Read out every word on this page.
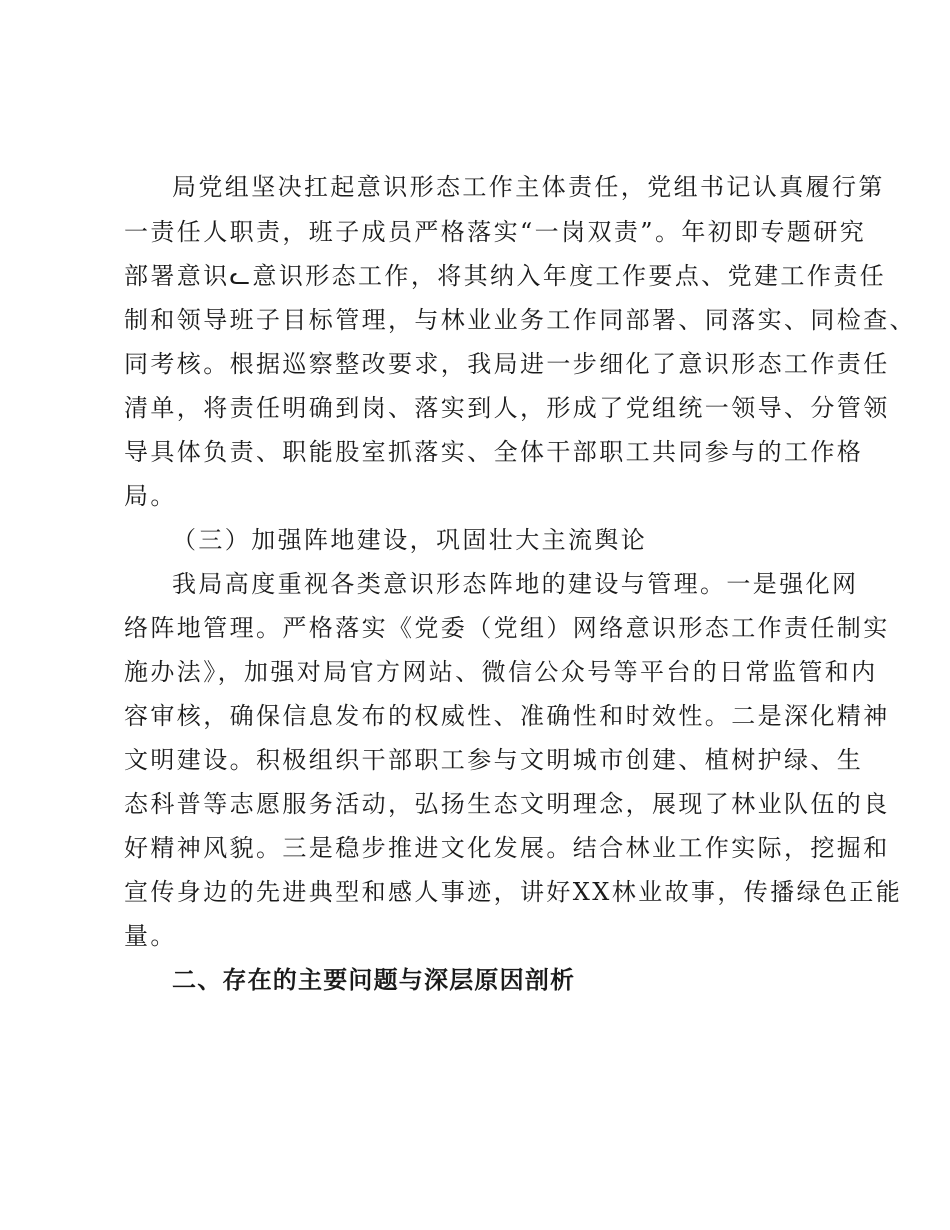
局党组坚决扛起意识形态工作主体责任，党组书记认真履行第
一责任人职责，班子成员严格落实“一岗双责”。年初即专题研究
部署意识ᓚ意识形态工作，将其纳入年度工作要点、党建工作责任
制和领导班子目标管理，与林业业务工作同部署、同落实、同检查、
同考核。根据巡察整改要求，我局进一步细化了意识形态工作责任
清单，将责任明确到岗、落实到人，形成了党组统一领导、分管领
导具体负责、职能股室抓落实、全体干部职工共同参与的工作格
局。
（三）加强阵地建设，巩固壮大主流舆论
我局高度重视各类意识形态阵地的建设与管理。一是强化网
络阵地管理。严格落实《党委（党组）网络意识形态工作责任制实
施办法》，加强对局官方网站、微信公众号等平台的日常监管和内
容审核，确保信息发布的权威性、准确性和时效性。二是深化精神
文明建设。积极组织干部职工参与文明城市创建、植树护绿、生
态科普等志愿服务活动，弘扬生态文明理念，展现了林业队伍的良
好精神风貌。三是稳步推进文化发展。结合林业工作实际，挖掘和
宣传身边的先进典型和感人事迹，讲好XX林业故事，传播绿色正能
量。
二、存在的主要问题与深层原因剖析
